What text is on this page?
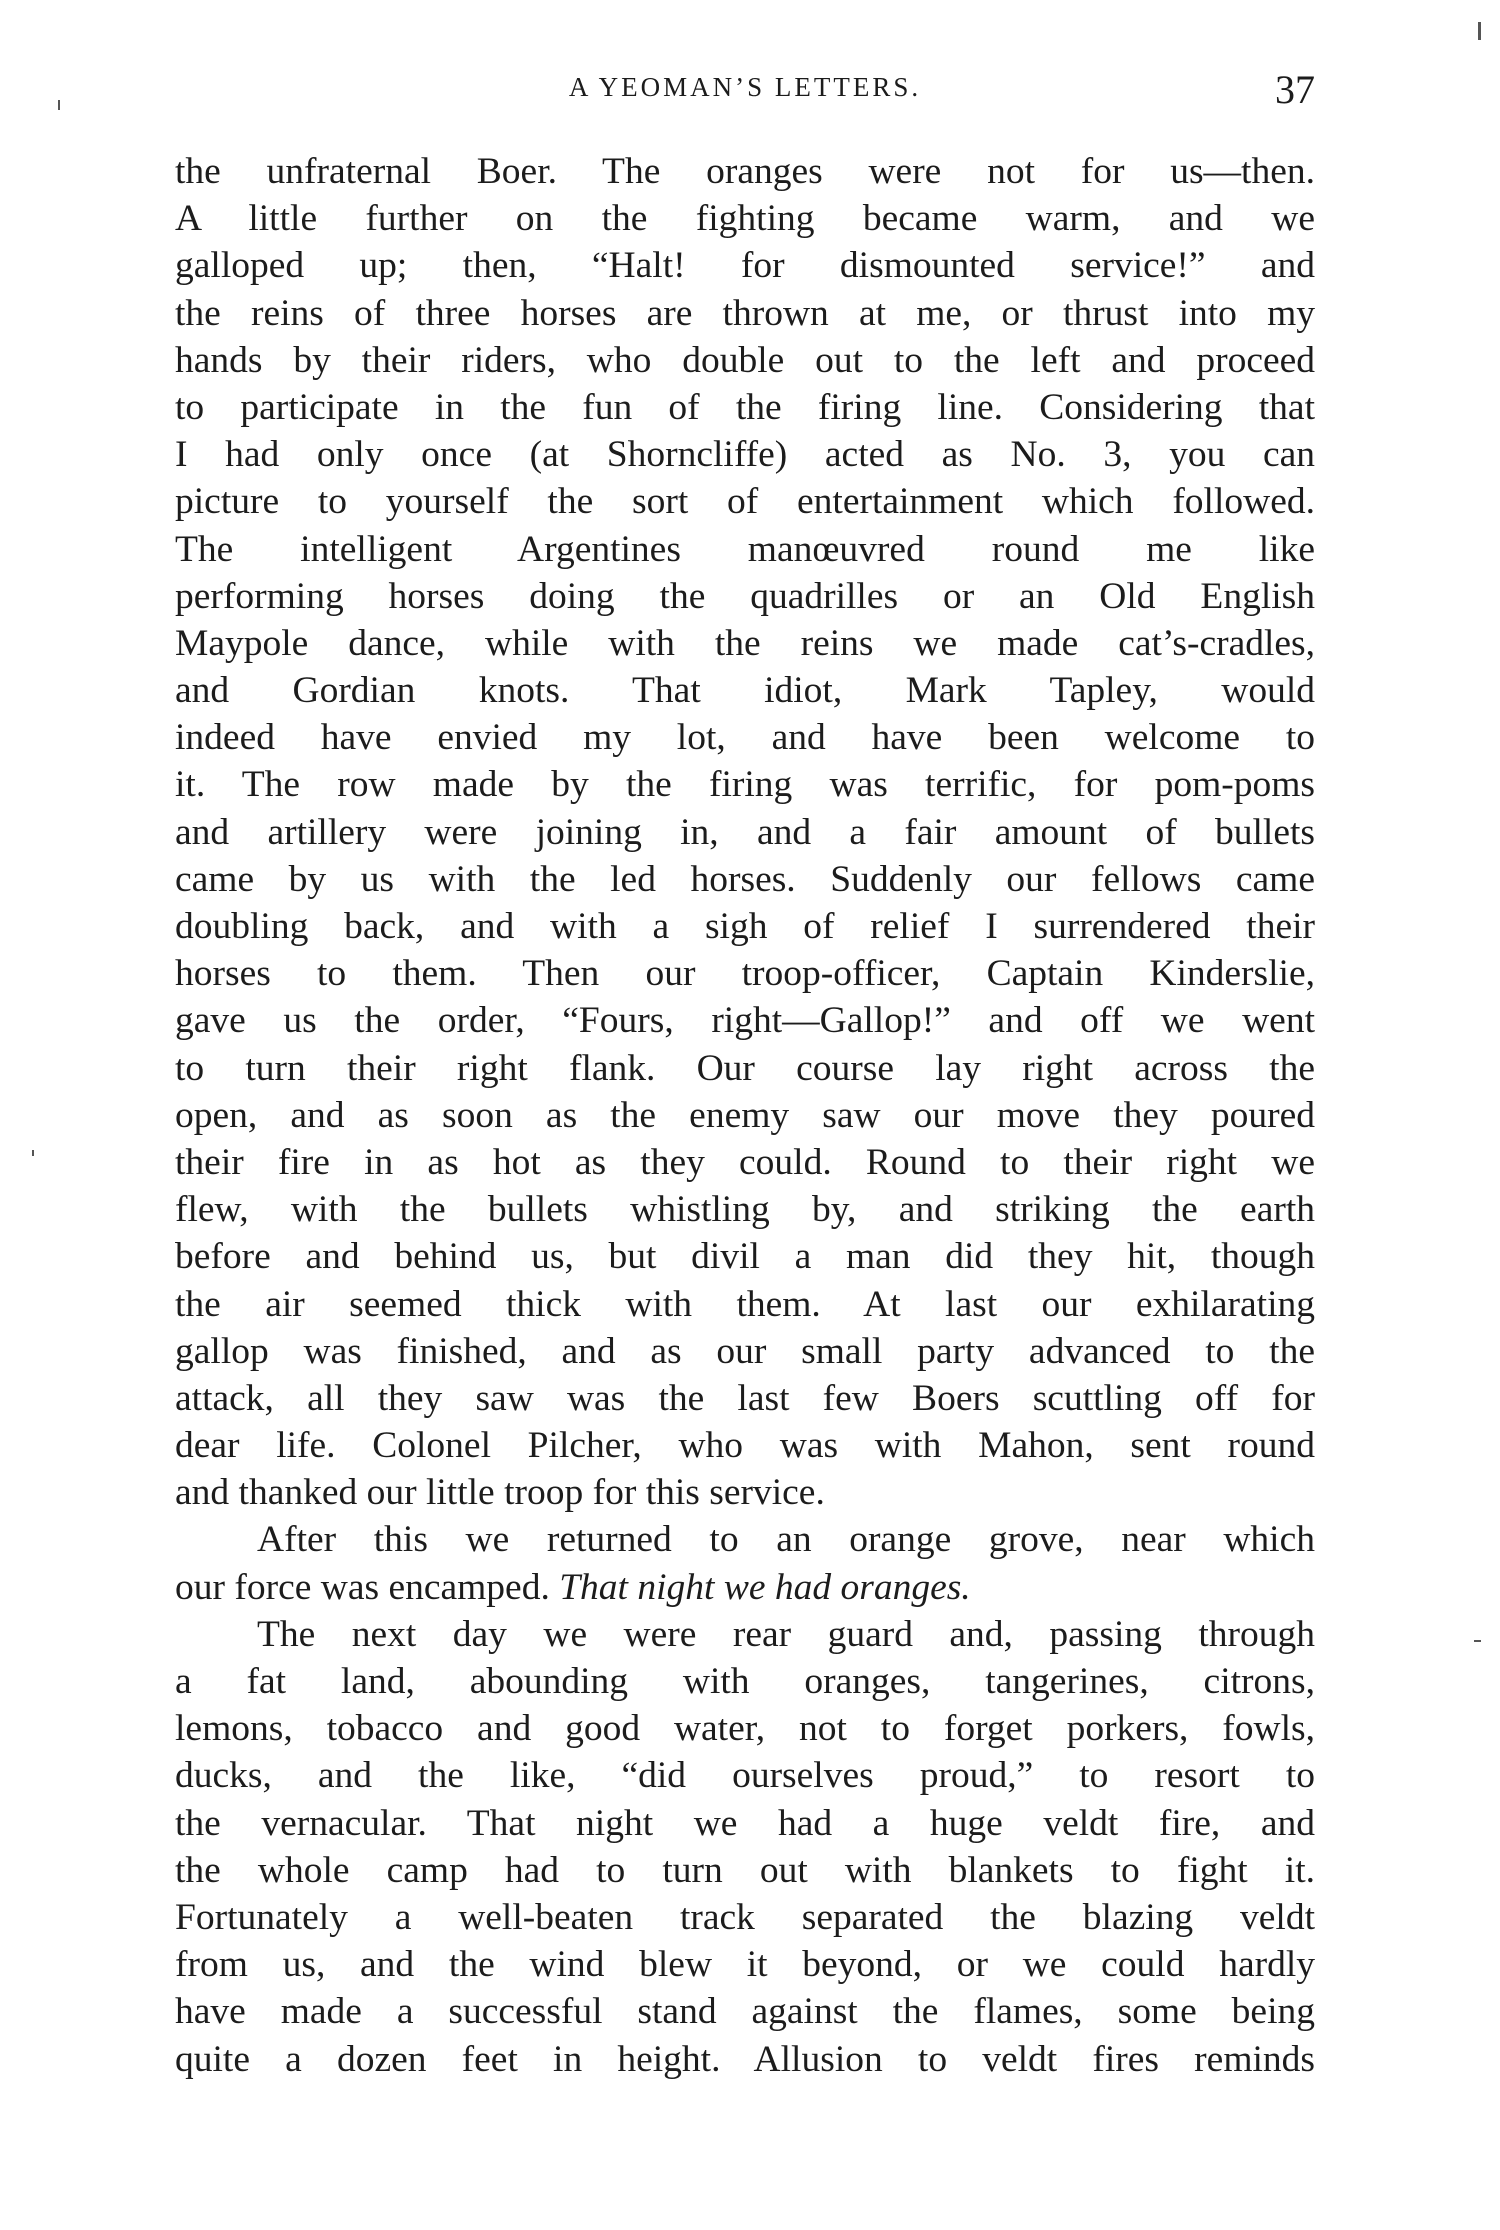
A YEOMAN’S LETTERS.	37
the unfraternal Boer. The oranges were not for us—then.
A little further on the fighting became warm, and we
galloped up; then, “Halt! for dismounted service!” and
the reins of three horses are thrown at me, or thrust into my
hands by their riders, who double out to the left and proceed
to participate in the fun of the firing line. Considering that
I had only once (at Shorncliffe) acted as No. 3, you can
picture to yourself the sort of entertainment which followed.
The intelligent Argentines manœuvred round me like
performing horses doing the quadrilles or an Old English
Maypole dance, while with the reins we made cat’s-cradles,
and Gordian knots. That idiot, Mark Tapley, would
indeed have envied my lot, and have been welcome to
it. The row made by the firing was terrific, for pom-poms
and artillery were joining in, and a fair amount of bullets
came by us with the led horses. Suddenly our fellows came
doubling back, and with a sigh of relief I surrendered their
horses to them. Then our troop-officer, Captain Kinderslie,
gave us the order, “Fours, right—Gallop!” and off we went
to turn their right flank. Our course lay right across the
open, and as soon as the enemy saw our move they poured
their fire in as hot as they could. Round to their right we
flew, with the bullets whistling by, and striking the earth
before and behind us, but divil a man did they hit, though
the air seemed thick with them. At last our exhilarating
gallop was finished, and as our small party advanced to the
attack, all they saw was the last few Boers scuttling off for
dear life. Colonel Pilcher, who was with Mahon, sent round
and thanked our little troop for this service.
After this we returned to an orange grove, near which
our force was encamped. That night we had oranges.
The next day we were rear guard and, passing through
a fat land, abounding with oranges, tangerines, citrons,
lemons, tobacco and good water, not to forget porkers, fowls,
ducks, and the like, “did ourselves proud,” to resort to
the vernacular. That night we had a huge veldt fire, and
the whole camp had to turn out with blankets to fight it.
Fortunately a well-beaten track separated the blazing veldt
from us, and the wind blew it beyond, or we could hardly
have made a successful stand against the flames, some being
quite a dozen feet in height. Allusion to veldt fires reminds
